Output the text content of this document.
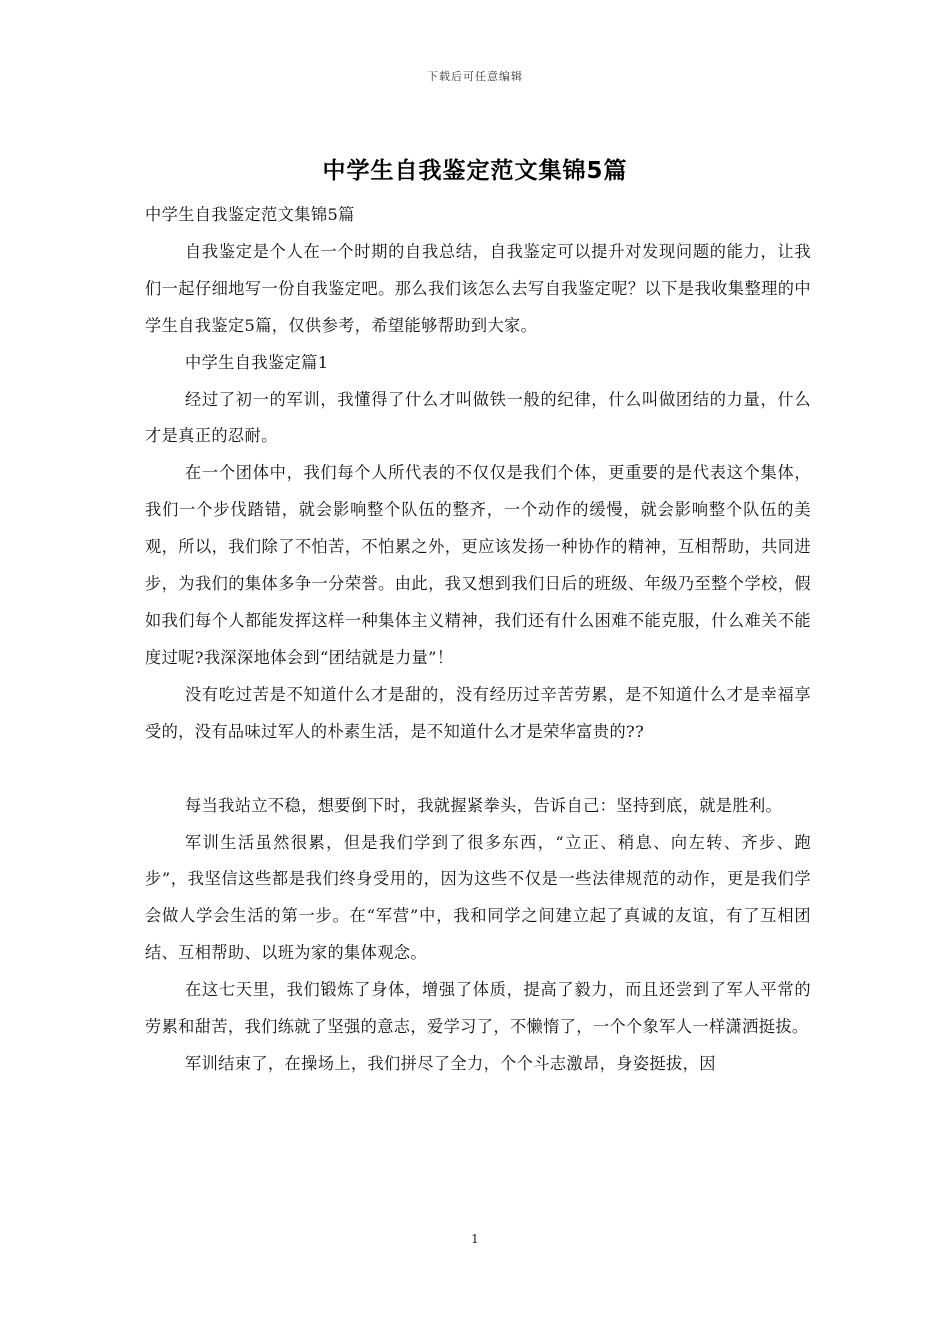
下载后可任意编辑
中学生自我鉴定范文集锦5篇

中学生自我鉴定范文集锦5篇

自我鉴定是个人在一个时期的自我总结，自我鉴定可以提升对发现问题的能力，让我们一起仔细地写一份自我鉴定吧。那么我们该怎么去写自我鉴定呢？以下是我收集整理的中学生自我鉴定5篇，仅供参考，希望能够帮助到大家。

中学生自我鉴定篇1

经过了初一的军训，我懂得了什么才叫做铁一般的纪律，什么叫做团结的力量，什么才是真正的忍耐。

在一个团体中，我们每个人所代表的不仅仅是我们个体，更重要的是代表这个集体，我们一个步伐踏错，就会影响整个队伍的整齐，一个动作的缓慢，就会影响整个队伍的美观，所以，我们除了不怕苦，不怕累之外，更应该发扬一种协作的精神，互相帮助，共同进步，为我们的集体多争一分荣誉。由此，我又想到我们日后的班级、年级乃至整个学校，假如我们每个人都能发挥这样一种集体主义精神，我们还有什么困难不能克服，什么难关不能度过呢?我深深地体会到“团结就是力量”！

没有吃过苦是不知道什么才是甜的，没有经历过辛苦劳累，是不知道什么才是幸福享受的，没有品味过军人的朴素生活，是不知道什么才是荣华富贵的??

每当我站立不稳，想要倒下时，我就握紧拳头，告诉自己：坚持到底，就是胜利。

军训生活虽然很累，但是我们学到了很多东西，“立正、稍息、向左转、齐步、跑步”，我坚信这些都是我们终身受用的，因为这些不仅是一些法律规范的动作，更是我们学会做人学会生活的第一步。在“军营”中，我和同学之间建立起了真诚的友谊，有了互相团结、互相帮助、以班为家的集体观念。

在这七天里，我们锻炼了身体，增强了体质，提高了毅力，而且还尝到了军人平常的劳累和甜苦，我们练就了坚强的意志，爱学习了，不懒惰了，一个个象军人一样潇洒挺拔。

军训结束了，在操场上，我们拼尽了全力，个个斗志激昂，身姿挺拔，因

1
